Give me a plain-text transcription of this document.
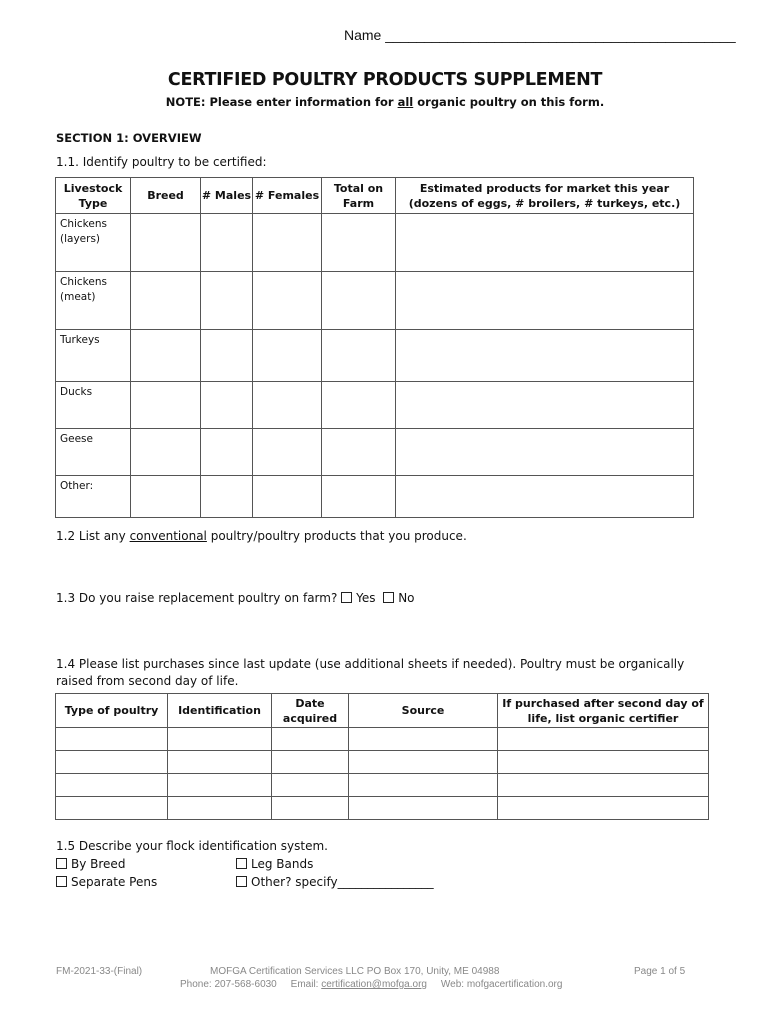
Name _____________________________________________
CERTIFIED POULTRY PRODUCTS SUPPLEMENT
NOTE: Please enter information for all organic poultry on this form.
SECTION 1: OVERVIEW
1.1. Identify poultry to be certified:
Livestock Type	Breed	# Males	# Females	Total on Farm	Estimated products for market this year (dozens of eggs, # broilers, # turkeys, etc.)
Chickens (layers)					
Chickens (meat)					
Turkeys					
Ducks					
Geese					
Other:					
1.2 List any conventional poultry/poultry products that you produce.
1.3 Do you raise replacement poultry on farm? Yes No
1.4 Please list purchases since last update (use additional sheets if needed). Poultry must be organically raised from second day of life.
Type of poultry	Identification	Date acquired	Source	If purchased after second day of life, list organic certifier

1.5 Describe your flock identification system.
By Breed
Separate Pens
Leg Bands
Other? specify________________
FM-2021-33-(Final)	MOFGA Certification Services LLC PO Box 170, Unity, ME 04988
Phone: 207-568-6030 Email: certification@mofga.org Web: mofgacertification.org
Page 1 of 5
